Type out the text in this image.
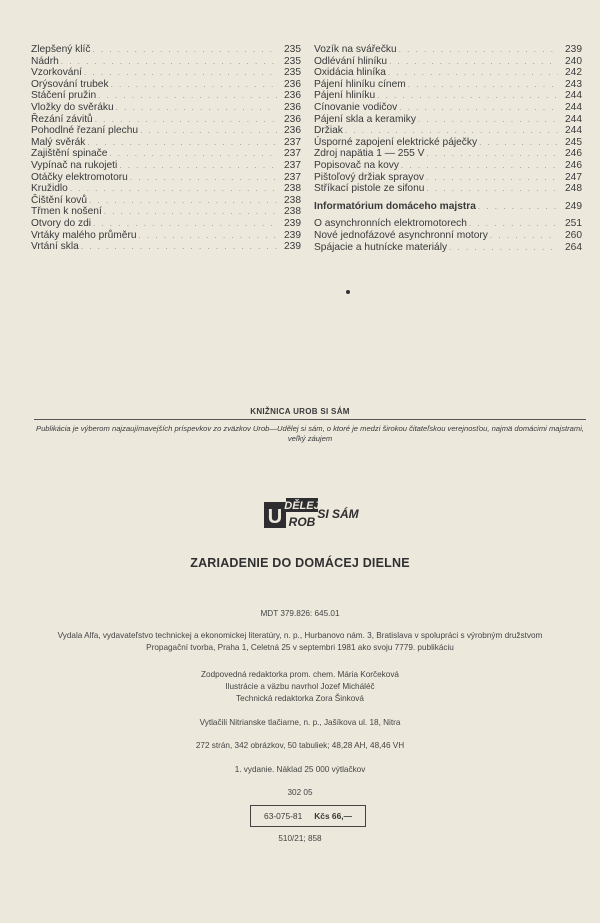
Zlepšený klíč . . .	235
Nádrh . . .	235
Vzorkování . . .	235
Orýsování trubek . . .	236
Stáčení pružin . . .	236
Vložky do svěráku . . .	236
Řezání závitů . . .	236
Pohodlné řezaní plechu . . .	236
Malý svěrák . . .	237
Zajištění spinače . . .	237
Vypínač na rukojeti . . .	237
Otáčky elektromotoru . . .	237
Kružidlo . . .	238
Čištění kovů . . .	238
Třmen k nošení . . .	238
Otvory do zdi . . .	239
Vrtáky malého průměru . . .	239
Vrtání skla . . .	239
Vozík na svářečku . . .	239
Odlévání hliníku . . .	240
Oxidácia hliníka . . .	242
Pájení hliníku cínem . . .	243
Pájení hliníku . . .	244
Cínovanie vodičov . . .	244
Pájení skla a keramiky . . .	244
Držiak . . .	244
Úsporné zapojení elektrické páječky . . .	245
Zdroj napätia 1 — 255 V . . .	246
Popisovač na kovy . . .	246
Pištoľový držiak sprayov . . .	247
Stříkací pistole ze sifonu . . .	248
Informatórium domáceho majstra . . .	249
O asynchronních elektromotorech . . .	251
Nové jednofázové asynchronní motory . . .	260
Spájacie a hutnícke materiály . . .	264
KNIŽNICA UROB SI SÁM
Publikácia je výberom najzaujímavejších príspevkov zo zväzkov Urob—Udělej si sám, o ktoré je medzi širokou čitateľskou verejnosťou, najmä domácimi majstrami, veľký záujem
U DĚLEJ
ROB
SI SÁM
ZARIADENIE DO DOMÁCEJ DIELNE
MDT 379.826: 645.01
Vydala Alfa, vydavateľstvo technickej a ekonomickej literatúry, n. p., Hurbanovo nám. 3, Bratislava v spolupráci s výrobným družstvom
Propagační tvorba, Praha 1, Celetná 25 v septembri 1981 ako svoju 7779. publikáciu
Zodpovedná redaktorka prom. chem. Mária Korčeková
Ilustrácie a väzbu navrhol Jozef Micháléč
Technická redaktorka Zora Šinková
Vytlačili Nitrianske tlačiarne, n. p., Jašíkova ul. 18, Nitra
272 strán, 342 obrázkov, 50 tabuliek; 48,28 AH, 48,46 VH
1. vydanie. Náklad 25 000 výtlačkov
302 05
63-075-81 Kčs 66,—
510/21; 858
